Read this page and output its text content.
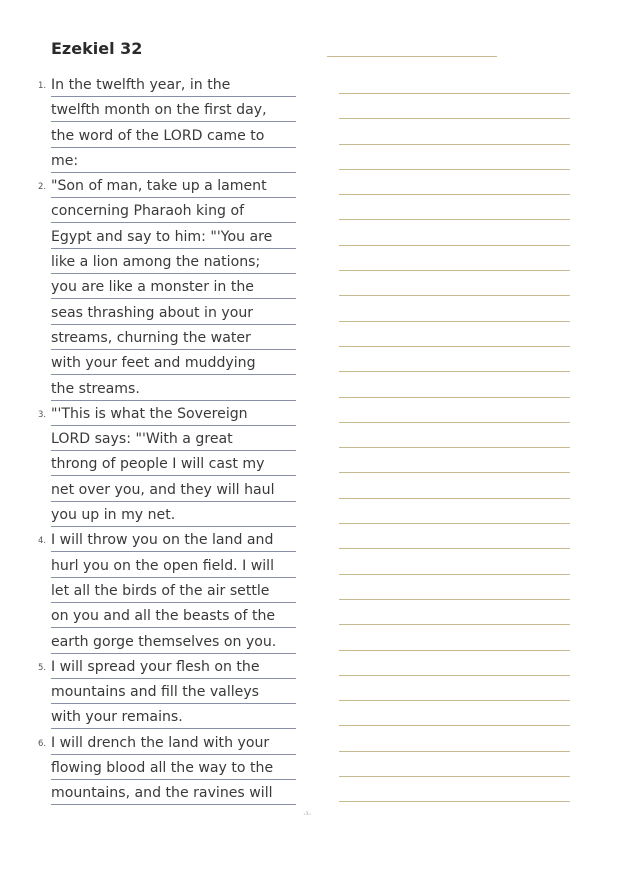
Ezekiel 32
1. In the twelfth year, in the
twelfth month on the first day,
the word of the LORD came to
me:
2. "Son of man, take up a lament
concerning Pharaoh king of
Egypt and say to him: "'You are
like a lion among the nations;
you are like a monster in the
seas thrashing about in your
streams, churning the water
with your feet and muddying
the streams.
3. "'This is what the Sovereign
LORD says: "'With a great
throng of people I will cast my
net over you, and they will haul
you up in my net.
4. I will throw you on the land and
hurl you on the open field. I will
let all the birds of the air settle
on you and all the beasts of the
earth gorge themselves on you.
5. I will spread your flesh on the
mountains and fill the valleys
with your remains.
6. I will drench the land with your
flowing blood all the way to the
mountains, and the ravines will
·¹·
